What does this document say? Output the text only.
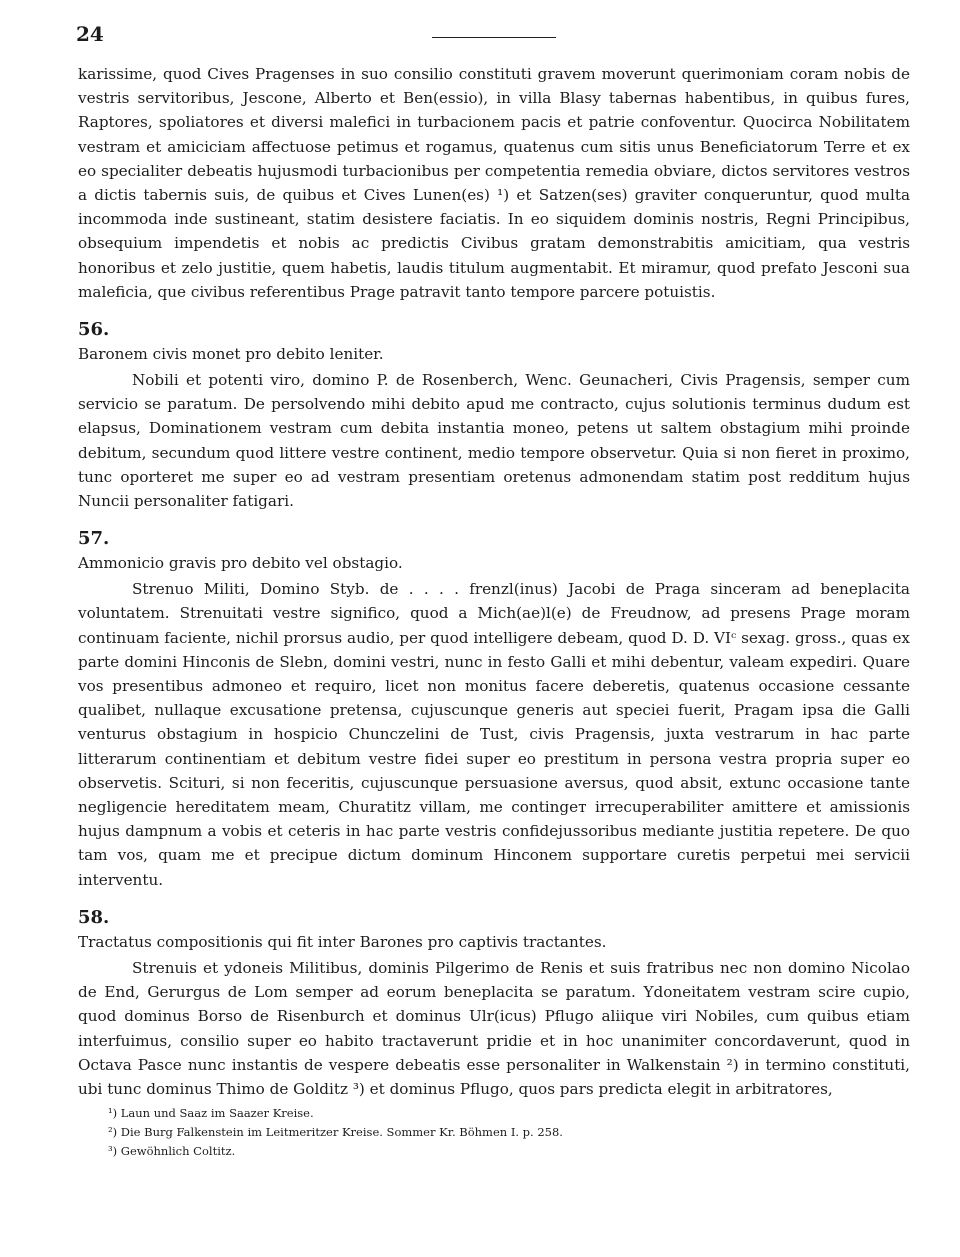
24

karissime, quod Cives Pragenses in suo consilio constituti gravem moverunt querimoniam coram nobis de vestris servitoribus, Jescone, Alberto et Ben(essio), in villa Blasy tabernas habentibus, in quibus fures, Raptores, spoliatores et diversi malefici in turbacionem pacis et patrie confoventur. Quocirca Nobilitatem vestram et amiciciam affectuose petimus et rogamus, quatenus cum sitis unus Beneficiatorum Terre et ex eo specialiter debeatis hujusmodi turbacionibus per competentia remedia obviare, dictos servitores vestros a dictis tabernis suis, de quibus et Cives Lunen(es) ¹) et Satzen(ses) graviter conqueruntur, quod multa incommoda inde sustineant, statim desistere faciatis. In eo siquidem dominis nostris, Regni Principibus, obsequium impendetis et nobis ac predictis Civibus gratam demonstrabitis amicitiam, qua vestris honoribus et zelo justitie, quem habetis, laudis titulum augmentabit. Et miramur, quod prefato Jesconi sua maleficia, que civibus referentibus Prage patravit tanto tempore parcere potuistis.

56.

Baronem civis monet pro debito leniter.

Nobili et potenti viro, domino P. de Rosenberch, Wenc. Geunacheri, Civis Pragensis, semper cum servicio se paratum. De persolvendo mihi debito apud me contracto, cujus solutionis terminus dudum est elapsus, Dominationem vestram cum debita instantia moneo, petens ut saltem obstagium mihi proinde debitum, secundum quod littere vestre continent, medio tempore observetur. Quia si non fieret in proximo, tunc oporteret me super eo ad vestram presentiam oretenus admonendam statim post redditum hujus Nuncii personaliter fatigari.

57.

Ammonicio gravis pro debito vel obstagio.

Strenuo Militi, Domino Styb. de . . . . frenzl(inus) Jacobi de Praga sinceram ad beneplacita voluntatem. Strenuitati vestre significo, quod a Mich(ae)l(e) de Freudnow, ad presens Prage moram continuam faciente, nichil prorsus audio, per quod intelligere debeam, quod D. D. VIᶜ sexag. gross., quas ex parte domini Hinconis de Slebn, domini vestri, nunc in festo Galli et mihi debentur, valeam expediri. Quare vos presentibus admoneo et requiro, licet non monitus facere deberetis, quatenus occasione cessante qualibet, nullaque excusatione pretensa, cujuscunque generis aut speciei fuerit, Pragam ipsa die Galli venturus obstagium in hospicio Chunczelini de Tust, civis Pragensis, juxta vestrarum in hac parte litterarum continentiam et debitum vestre fidei super eo prestitum in persona vestra propria super eo observetis. Sciturі, si non feceritis, cujuscunque persuasione aversus, quod absit, extunc occasione tante negligencie hereditatem meam, Churatitz villam, me contingет irrecuperabiliter amittere et amissionis hujus dampnum a vobis et ceteris in hac parte vestris confidejussoribus mediante justitia repetere. De quo tam vos, quam me et precipue dictum dominum Hinconem supportare curetis perpetui mei servicii interventu.

58.

Tractatus compositionis qui fit inter Barones pro captivis tractantes.

Strenuis et ydoneis Militibus, dominis Pilgerimo de Renis et suis fratribus nec non domino Nicolao de End, Gerurgus de Lom semper ad eorum beneplacita se paratum. Ydoneitatem vestram scire cupio, quod dominus Borso de Risenburch et dominus Ulr(icus) Pflugo aliique viri Nobiles, cum quibus etiam interfuimus, consilio super eo habito tractaverunt pridie et in hoc unanimiter concordaverunt, quod in Octava Pasce nunc instantis de vespere debeatis esse personaliter in Walkenstain ²) in termino constituti, ubi tunc dominus Thimo de Golditz ³) et dominus Pflugo, quos pars predicta elegit in arbitratores,

¹) Laun und Saaz im Saazer Kreise.
²) Die Burg Falkenstein im Leitmeritzer Kreise. Sommer Kr. Böhmen I. p. 258.
³) Gewöhnlich Coltitz.
